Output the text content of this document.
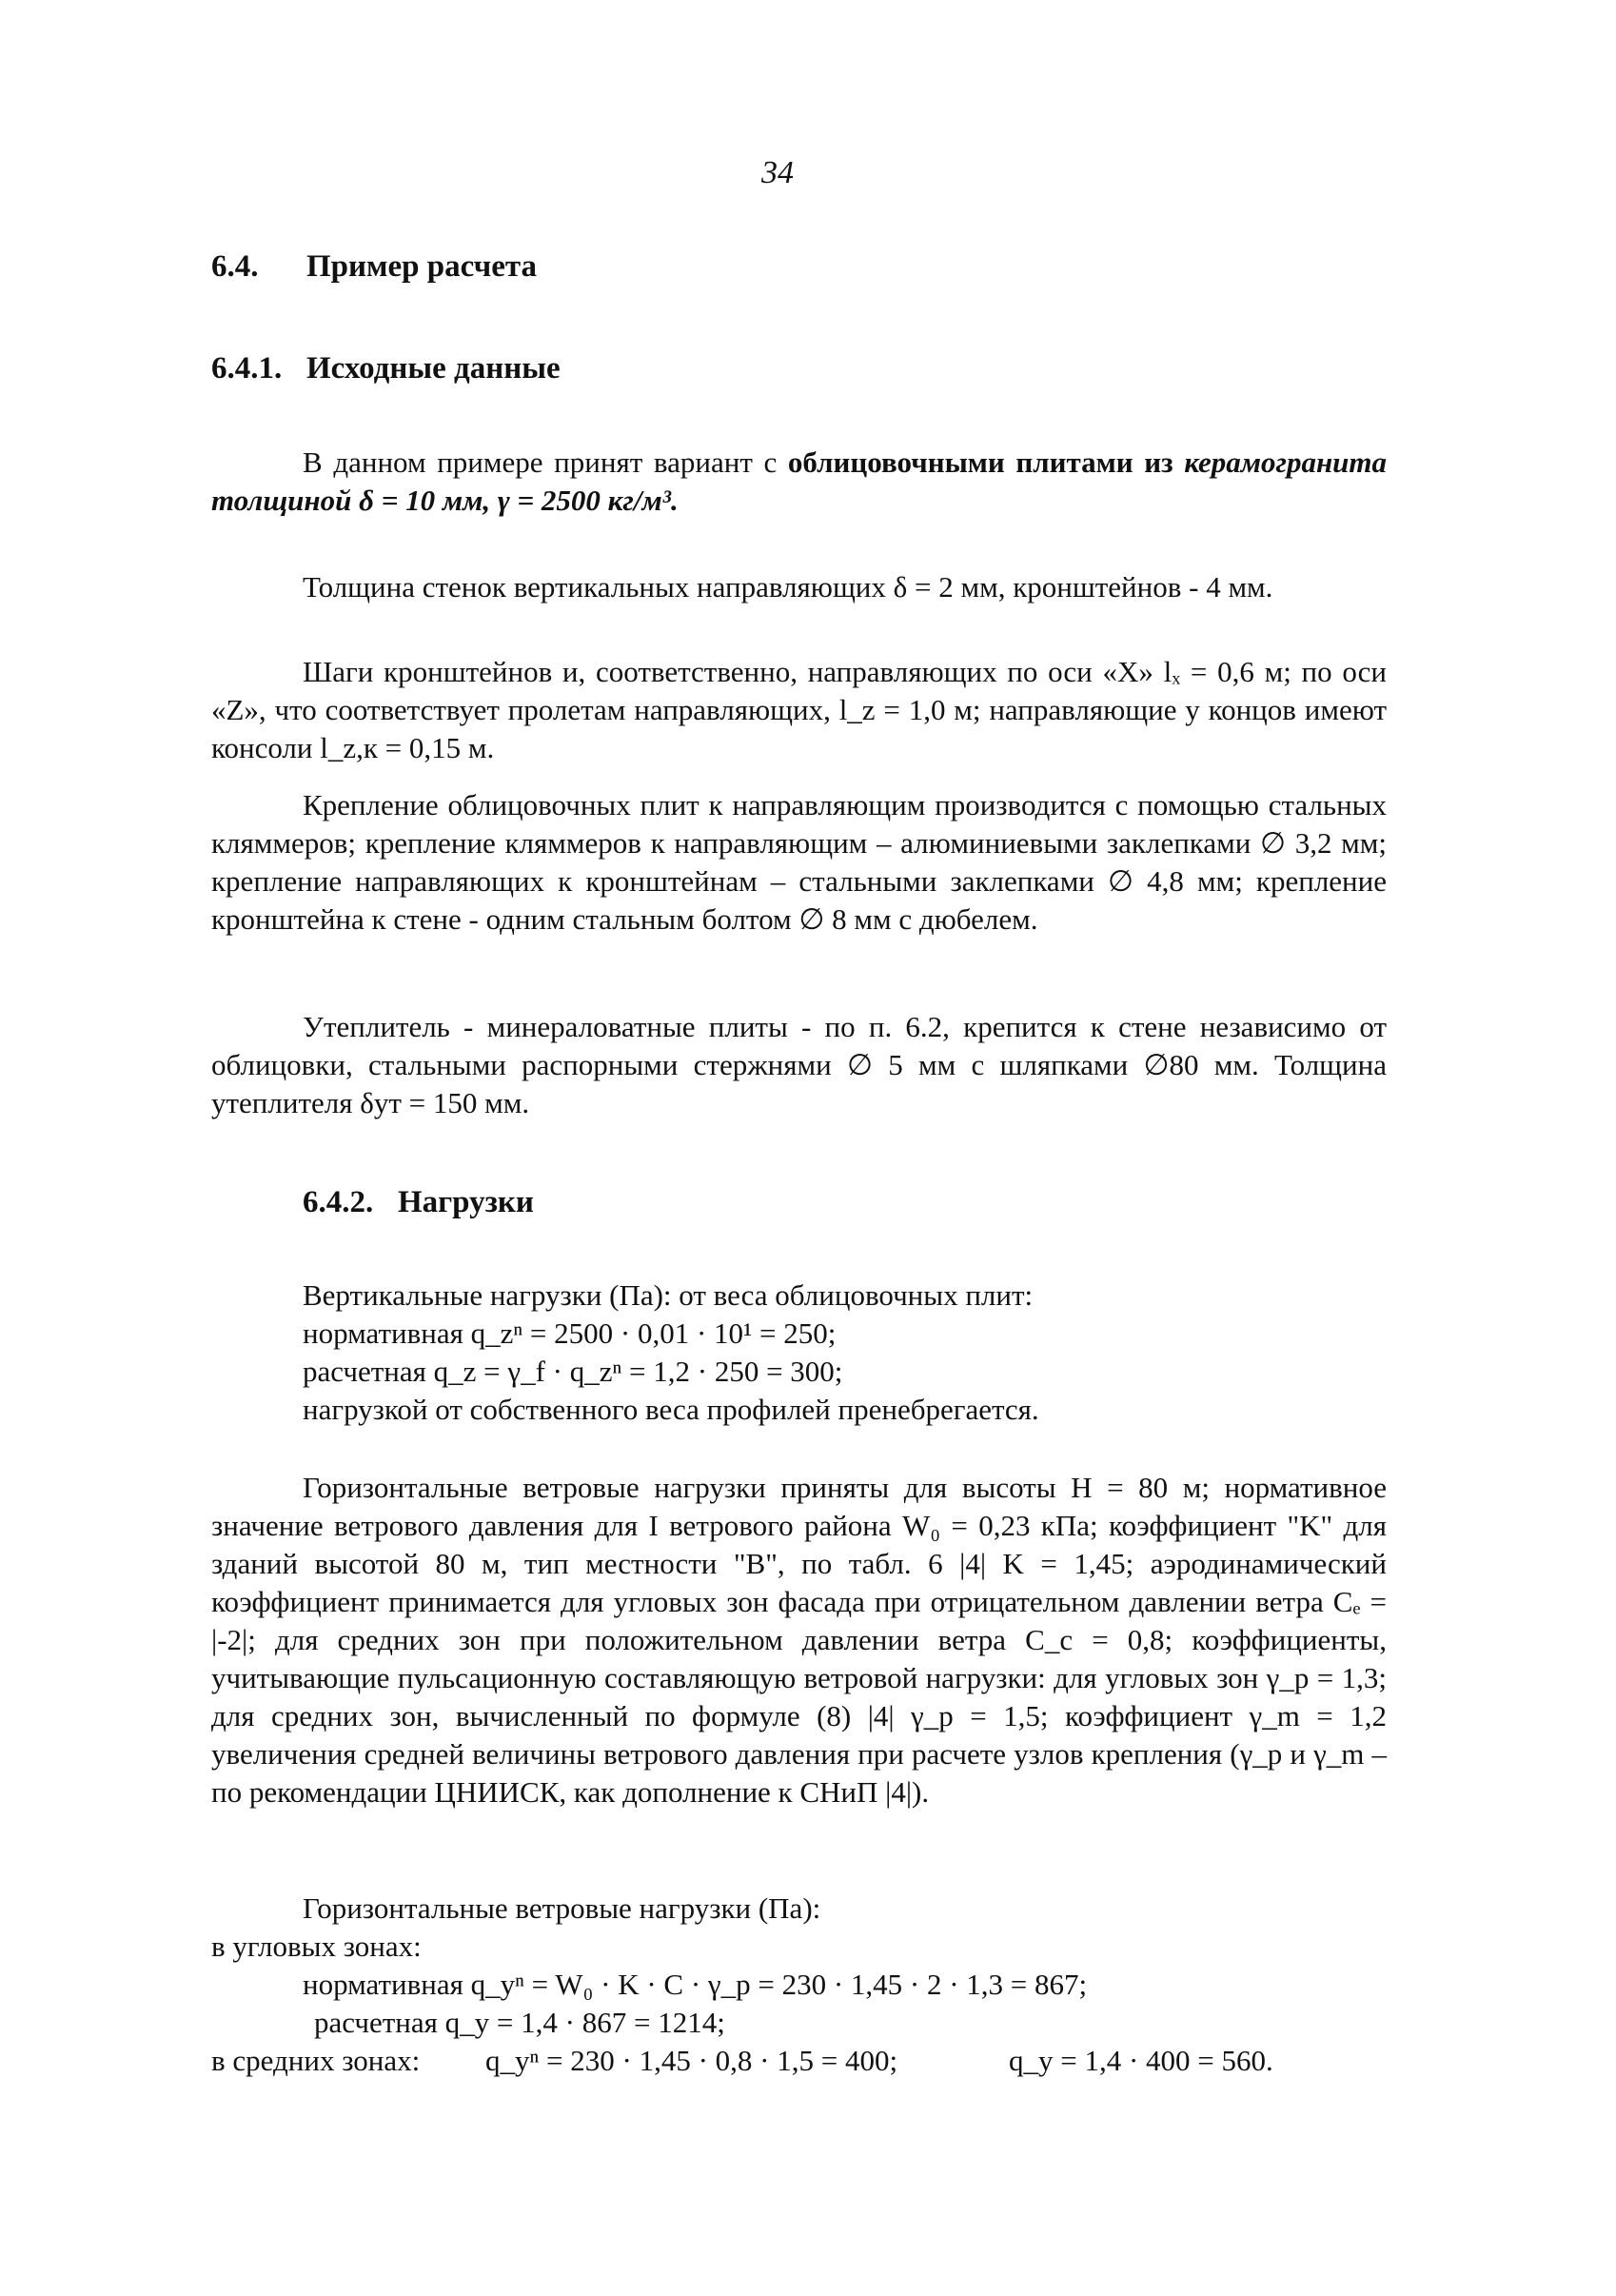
34
6.4. Пример расчета
6.4.1. Исходные данные

В данном примере принят вариант с облицовочными плитами из керамогранита толщиной δ = 10 мм, γ = 2500 кг/м³.

Толщина стенок вертикальных направляющих δ = 2 мм, кронштейнов - 4 мм.

Шаги кронштейнов и, соответственно, направляющих по оси «X» lₓ = 0,6 м; по оси «Z», что соответствует пролетам направляющих, l_z = 1,0 м; направляющие у концов имеют консоли l_z,к = 0,15 м.

Крепление облицовочных плит к направляющим производится с помощью стальных кляммеров; крепление кляммеров к направляющим – алюминиевыми заклепками ∅ 3,2 мм; крепление направляющих к кронштейнам – стальными заклепками ∅ 4,8 мм; крепление кронштейна к стене - одним стальным болтом ∅ 8 мм с дюбелем.

Утеплитель - минераловатные плиты - по п. 6.2, крепится к стене независимо от облицовки, стальными распорными стержнями ∅ 5 мм с шляпками ∅80 мм. Толщина утеплителя δут = 150 мм.

6.4.2. Нагрузки
Вертикальные нагрузки (Па): от веса облицовочных плит:
нормативная q_zⁿ = 2500 · 0,01 · 10¹ = 250;
расчетная q_z = γ_f · q_zⁿ = 1,2 · 250 = 300;
нагрузкой от собственного веса профилей пренебрегается.

Горизонтальные ветровые нагрузки приняты для высоты H = 80 м; нормативное значение ветрового давления для I ветрового района W₀ = 0,23 кПа; коэффициент "K" для зданий высотой 80 м, тип местности "B", по табл. 6 |4| K = 1,45; аэродинамический коэффициент принимается для угловых зон фасада при отрицательном давлении ветра Cₑ = |-2|; для средних зон при положительном давлении ветра C_c = 0,8; коэффициенты, учитывающие пульсационную составляющую ветровой нагрузки: для угловых зон γ_p = 1,3; для средних зон, вычисленный по формуле (8) |4| γ_p = 1,5; коэффициент γ_m = 1,2 увеличения средней величины ветрового давления при расчете узлов крепления (γ_p и γ_m – по рекомендации ЦНИИСК, как дополнение к СНиП |4|).

Горизонтальные ветровые нагрузки (Па):
в угловых зонах:
нормативная q_yⁿ = W₀ · K · C · γ_p = 230 · 1,45 · 2 · 1,3 = 867;
расчетная q_y = 1,4 · 867 = 1214;
в средних зонах: q_yⁿ = 230 · 1,45 · 0,8 · 1,5 = 400;	q_y = 1,4 · 400 = 560.
